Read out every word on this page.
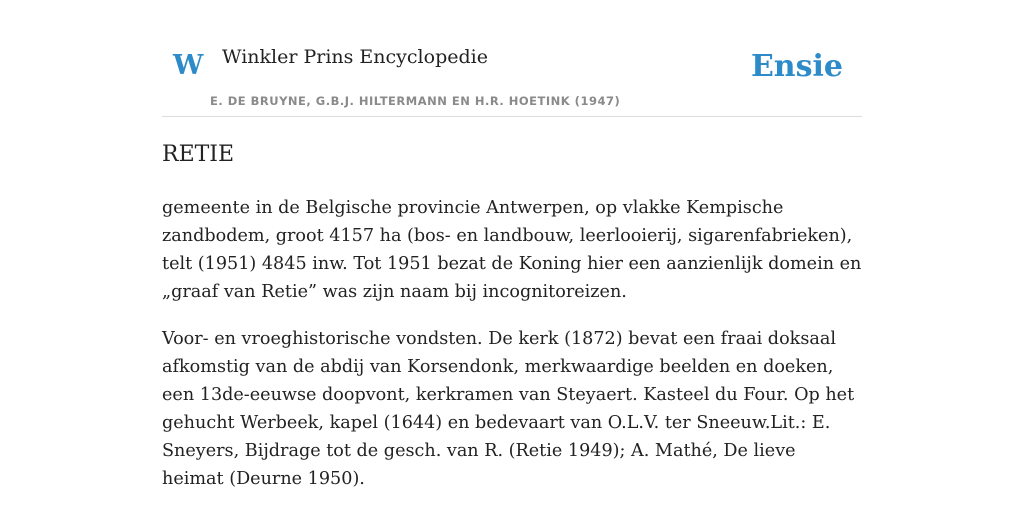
W Winkler Prins Encyclopedie
E. DE BRUYNE, G.B.J. HILTERMANN EN H.R. HOETINK (1947)
Ensie
RETIE

gemeente in de Belgische provincie Antwerpen, op vlakke Kempische zandbodem, groot 4157 ha (bos- en landbouw, leerlooierij, sigarenfabrieken), telt (1951) 4845 inw. Tot 1951 bezat de Koning hier een aanzienlijk domein en „graaf van Retie” was zijn naam bij incognitoreizen.

Voor- en vroeghistorische vondsten. De kerk (1872) bevat een fraai doksaal afkomstig van de abdij van Korsendonk, merkwaardige beelden en doeken, een 13de-eeuwse doopvont, kerkramen van Steyaert. Kasteel du Four. Op het gehucht Werbeek, kapel (1644) en bedevaart van O.L.V. ter Sneeuw.Lit.: E. Sneyers, Bijdrage tot de gesch. van R. (Retie 1949); A. Mathé, De lieve heimat (Deurne 1950).
